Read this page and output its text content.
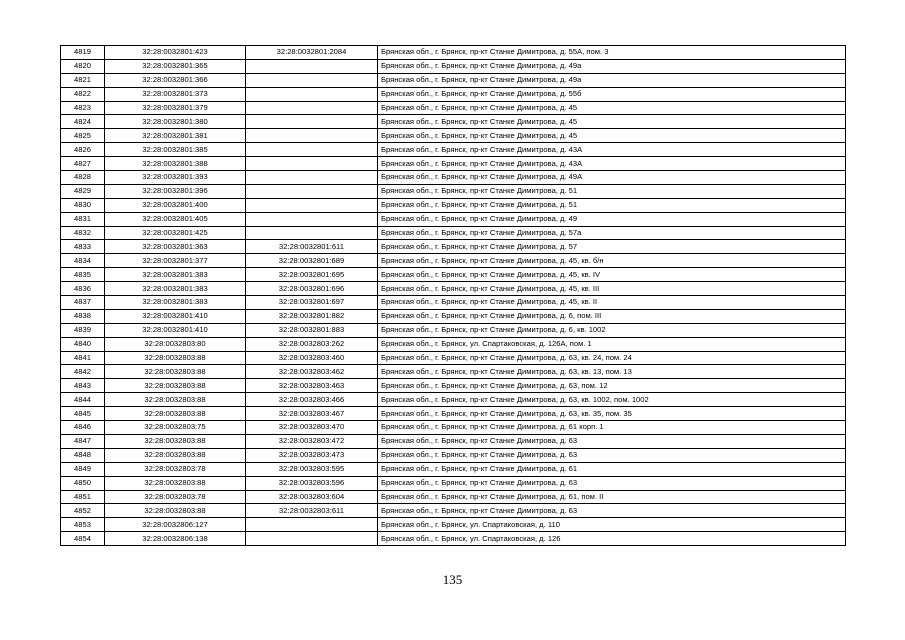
4819	32:28:0032801:423	32:28:0032801:2084	Брянская обл., г. Брянск, пр-кт Станке Димитрова, д. 55А, пом. 3
4820	32:28:0032801:365		Брянская обл., г. Брянск, пр-кт Станке Димитрова, д. 49а
4821	32:28:0032801:366		Брянская обл., г. Брянск, пр-кт Станке Димитрова, д. 49а
4822	32:28:0032801:373		Брянская обл., г. Брянск, пр-кт Станке Димитрова, д. 55б
4823	32:28:0032801:379		Брянская обл., г. Брянск, пр-кт Станке Димитрова, д. 45
4824	32:28:0032801:380		Брянская обл., г. Брянск, пр-кт Станке Димитрова, д. 45
4825	32:28:0032801:381		Брянская обл., г. Брянск, пр-кт Станке Димитрова, д. 45
4826	32:28:0032801:385		Брянская обл., г. Брянск, пр-кт Станке Димитрова, д. 43А
4827	32:28:0032801:388		Брянская обл., г. Брянск, пр-кт Станке Димитрова, д. 43А
4828	32:28:0032801:393		Брянская обл., г. Брянск, пр-кт Станке Димитрова, д. 49А
4829	32:28:0032801:396		Брянская обл., г. Брянск, пр-кт Станке Димитрова, д. 51
4830	32:28:0032801:400		Брянская обл., г. Брянск, пр-кт Станке Димитрова, д. 51
4831	32:28:0032801:405		Брянская обл., г. Брянск, пр-кт Станке Димитрова, д. 49
4832	32:28:0032801:425		Брянская обл., г. Брянск, пр-кт Станке Димитрова, д. 57а
4833	32:28:0032801:363	32:28:0032801:611	Брянская обл., г. Брянск, пр-кт Станке Димитрова, д. 57
4834	32:28:0032801:377	32:28:0032801:689	Брянская обл., г. Брянск, пр-кт Станке Димитрова, д. 45, кв. б/н
4835	32:28:0032801:383	32:28:0032801:695	Брянская обл., г. Брянск, пр-кт Станке Димитрова, д. 45, кв. IV
4836	32:28:0032801:383	32:28:0032801:696	Брянская обл., г. Брянск, пр-кт Станке Димитрова, д. 45, кв. III
4837	32:28:0032801:383	32:28:0032801:697	Брянская обл., г. Брянск, пр-кт Станке Димитрова, д. 45, кв. II
4838	32:28:0032801:410	32:28:0032801:882	Брянская обл., г. Брянск, пр-кт Станке Димитрова, д. 6, пом. III
4839	32:28:0032801:410	32:28:0032801:883	Брянская обл., г. Брянск, пр-кт Станке Димитрова, д. 6, кв. 1002
4840	32:28:0032803:80	32:28:0032803:262	Брянская обл., г. Брянск, ул. Спартаковская, д. 126А, пом. 1
4841	32:28:0032803:88	32:28:0032803:460	Брянская обл., г. Брянск, пр-кт Станке Димитрова, д. 63, кв. 24, пом. 24
4842	32:28:0032803:88	32:28:0032803:462	Брянская обл., г. Брянск, пр-кт Станке Димитрова, д. 63, кв. 13, пом. 13
4843	32:28:0032803:88	32:28:0032803:463	Брянская обл., г. Брянск, пр-кт Станке Димитрова, д. 63, пом. 12
4844	32:28:0032803:88	32:28:0032803:466	Брянская обл., г. Брянск, пр-кт Станке Димитрова, д. 63, кв. 1002, пом. 1002
4845	32:28:0032803:88	32:28:0032803:467	Брянская обл., г. Брянск, пр-кт Станке Димитрова, д. 63, кв. 35, пом. 35
4846	32:28:0032803:75	32:28:0032803:470	Брянская обл., г. Брянск, пр-кт Станке Димитрова, д. 61 корп. 1
4847	32:28:0032803:88	32:28:0032803:472	Брянская обл., г. Брянск, пр-кт Станке Димитрова, д. 63
4848	32:28:0032803:88	32:28:0032803:473	Брянская обл., г. Брянск, пр-кт Станке Димитрова, д. 63
4849	32:28:0032803:78	32:28:0032803:595	Брянская обл., г. Брянск, пр-кт Станке Димитрова, д. 61
4850	32:28:0032803:88	32:28:0032803:596	Брянская обл., г. Брянск, пр-кт Станке Димитрова, д. 63
4851	32:28:0032803:78	32:28:0032803:604	Брянская обл., г. Брянск, пр-кт Станке Димитрова, д. 61, пом. II
4852	32:28:0032803:88	32:28:0032803:611	Брянская обл., г. Брянск, пр-кт Станке Димитрова, д. 63
4853	32:28:0032806:127		Брянская обл., г. Брянск, ул. Спартаковская, д. 110
4854	32:28:0032806:138		Брянская обл., г. Брянск, ул. Спартаковская, д. 126
135
